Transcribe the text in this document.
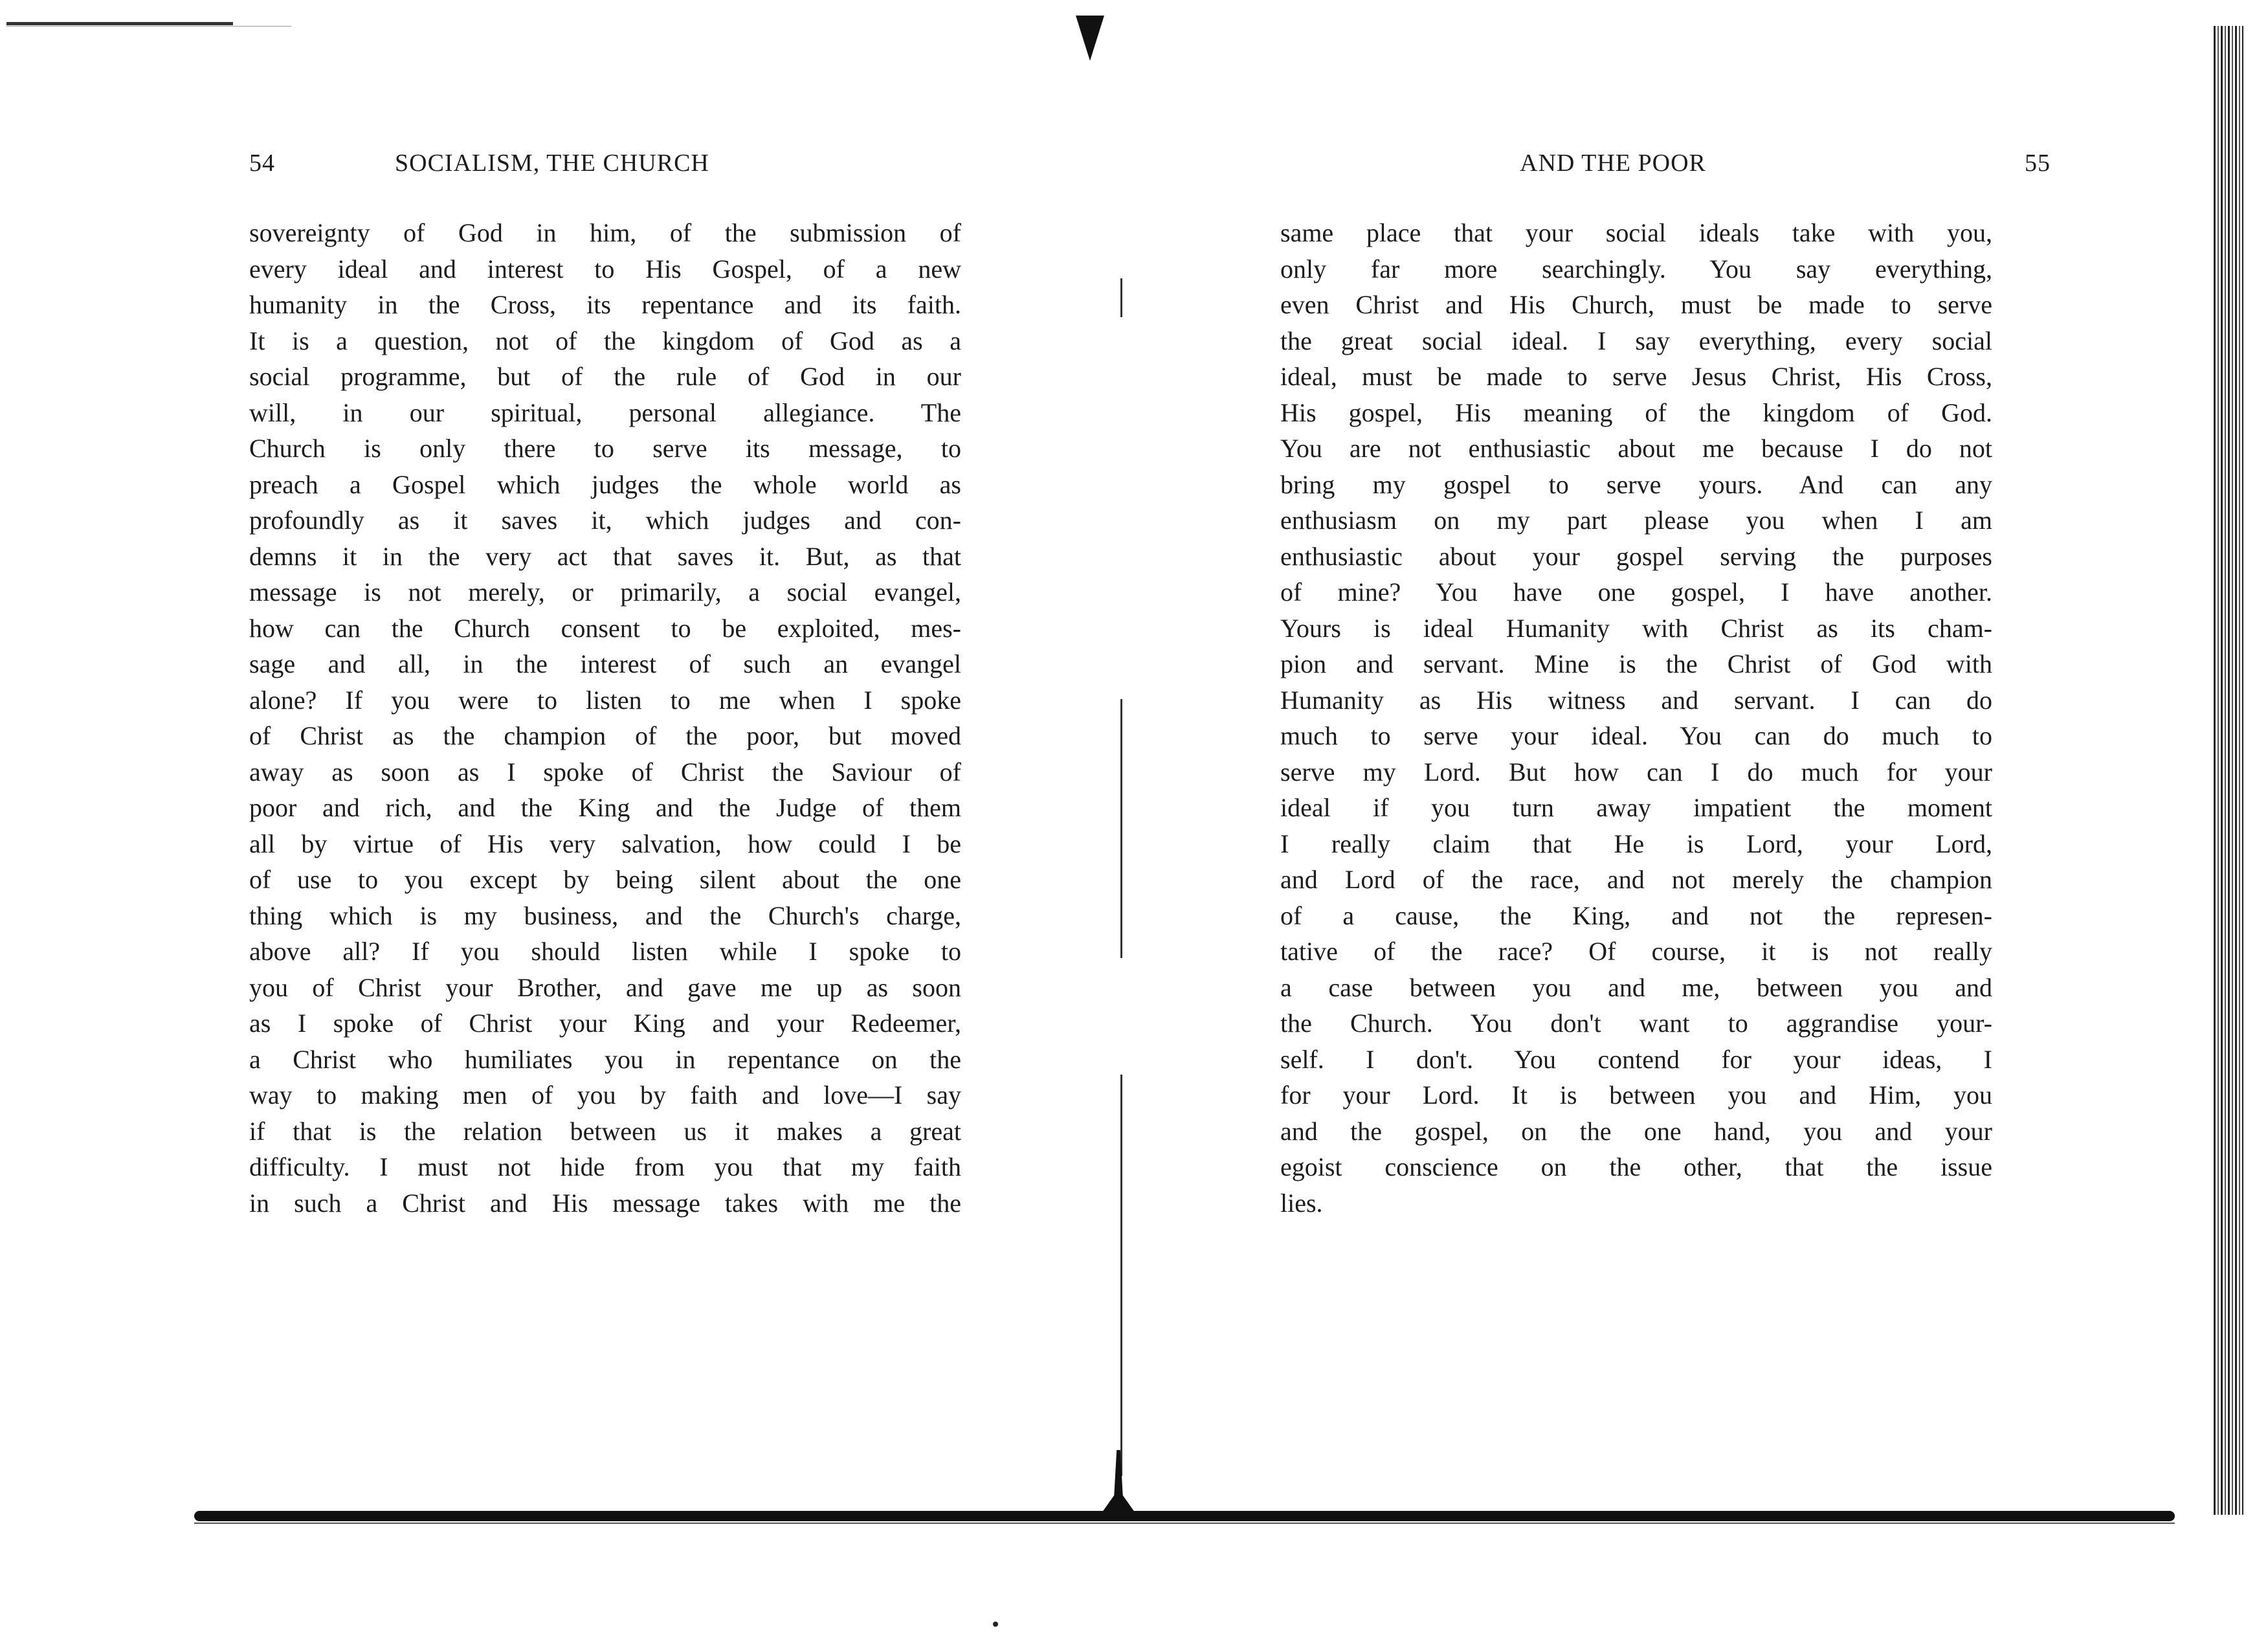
54	SOCIALISM, THE CHURCH
sovereignty of God in him, of the submission of
every ideal and interest to His Gospel, of a new
humanity in the Cross, its repentance and its faith.
It is a question, not of the kingdom of God as a
social programme, but of the rule of God in our
will, in our spiritual, personal allegiance. The
Church is only there to serve its message, to
preach a Gospel which judges the whole world as
profoundly as it saves it, which judges and con-
demns it in the very act that saves it. But, as that
message is not merely, or primarily, a social evangel,
how can the Church consent to be exploited, mes-
sage and all, in the interest of such an evangel
alone? If you were to listen to me when I spoke
of Christ as the champion of the poor, but moved
away as soon as I spoke of Christ the Saviour of
poor and rich, and the King and the Judge of them
all by virtue of His very salvation, how could I be
of use to you except by being silent about the one
thing which is my business, and the Church's charge,
above all? If you should listen while I spoke to
you of Christ your Brother, and gave me up as soon
as I spoke of Christ your King and your Redeemer,
a Christ who humiliates you in repentance on the
way to making men of you by faith and love—I say
if that is the relation between us it makes a great
difficulty. I must not hide from you that my faith
in such a Christ and His message takes with me the
AND THE POOR	55
same place that your social ideals take with you,
only far more searchingly. You say everything,
even Christ and His Church, must be made to serve
the great social ideal. I say everything, every social
ideal, must be made to serve Jesus Christ, His Cross,
His gospel, His meaning of the kingdom of God.
You are not enthusiastic about me because I do not
bring my gospel to serve yours. And can any
enthusiasm on my part please you when I am
enthusiastic about your gospel serving the purposes
of mine? You have one gospel, I have another.
Yours is ideal Humanity with Christ as its cham-
pion and servant. Mine is the Christ of God with
Humanity as His witness and servant. I can do
much to serve your ideal. You can do much to
serve my Lord. But how can I do much for your
ideal if you turn away impatient the moment
I really claim that He is Lord, your Lord,
and Lord of the race, and not merely the champion
of a cause, the King, and not the represen-
tative of the race? Of course, it is not really
a case between you and me, between you and
the Church. You don't want to aggrandise your-
self. I don't. You contend for your ideas, I
for your Lord. It is between you and Him, you
and the gospel, on the one hand, you and your
egoist conscience on the other, that the issue
lies.
